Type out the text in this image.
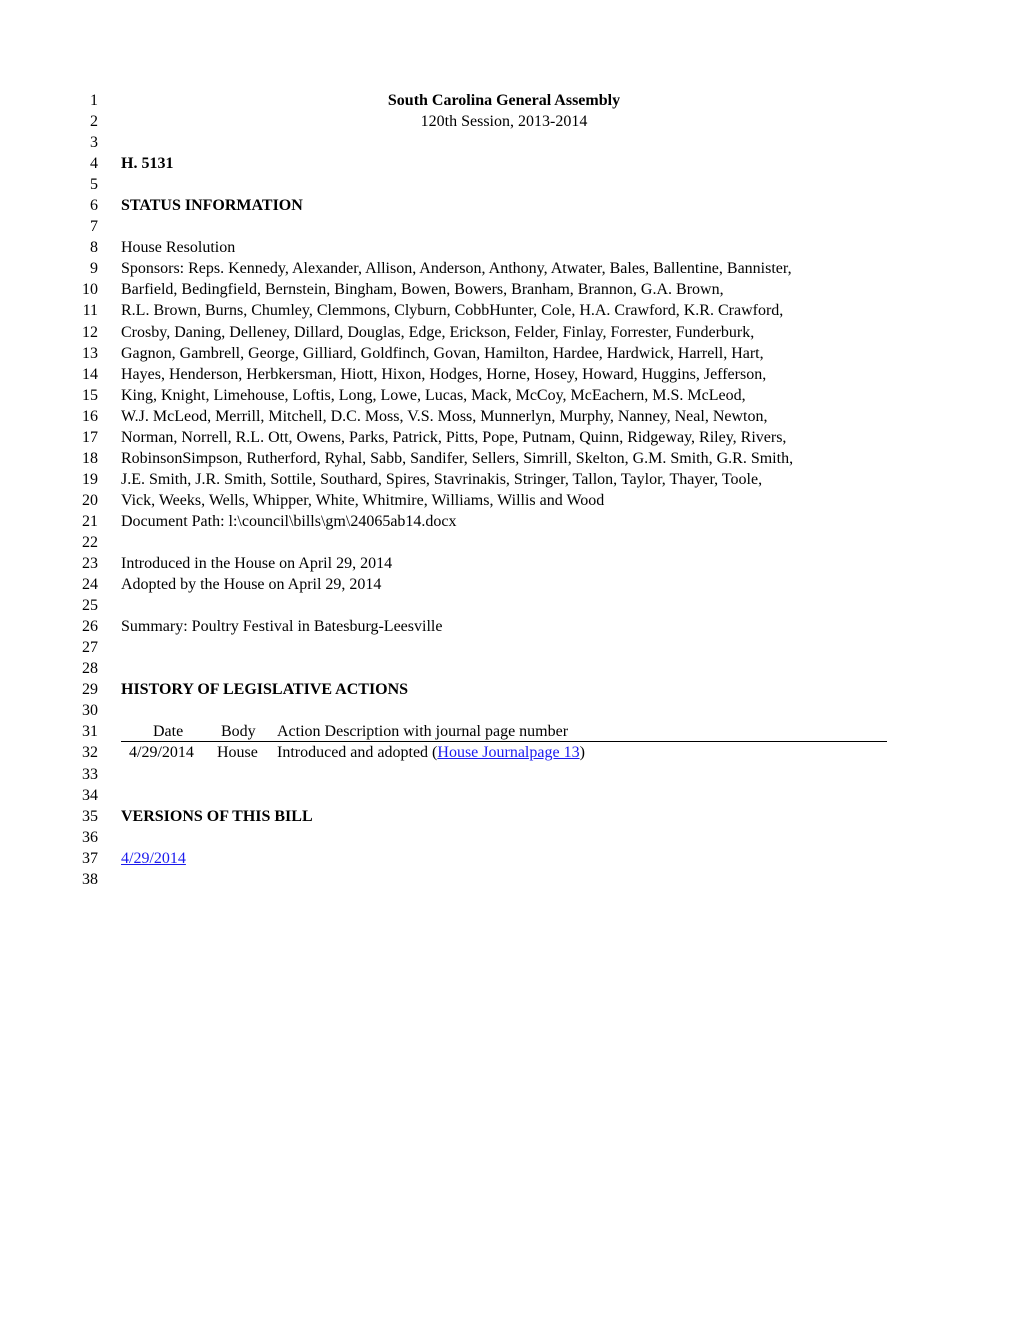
1	South Carolina General Assembly
2	120th Session, 2013-2014
3
4 H. 5131
5
6 STATUS INFORMATION
7
8 House Resolution
9 Sponsors: Reps. Kennedy, Alexander, Allison, Anderson, Anthony, Atwater, Bales, Ballentine, Bannister,
10 Barfield, Bedingfield, Bernstein, Bingham, Bowen, Bowers, Branham, Brannon, G.A. Brown,
11 R.L. Brown, Burns, Chumley, Clemmons, Clyburn, CobbHunter, Cole, H.A. Crawford, K.R. Crawford,
12 Crosby, Daning, Delleney, Dillard, Douglas, Edge, Erickson, Felder, Finlay, Forrester, Funderburk,
13 Gagnon, Gambrell, George, Gilliard, Goldfinch, Govan, Hamilton, Hardee, Hardwick, Harrell, Hart,
14 Hayes, Henderson, Herbkersman, Hiott, Hixon, Hodges, Horne, Hosey, Howard, Huggins, Jefferson,
15 King, Knight, Limehouse, Loftis, Long, Lowe, Lucas, Mack, McCoy, McEachern, M.S. McLeod,
16 W.J. McLeod, Merrill, Mitchell, D.C. Moss, V.S. Moss, Munnerlyn, Murphy, Nanney, Neal, Newton,
17 Norman, Norrell, R.L. Ott, Owens, Parks, Patrick, Pitts, Pope, Putnam, Quinn, Ridgeway, Riley, Rivers,
18 RobinsonSimpson, Rutherford, Ryhal, Sabb, Sandifer, Sellers, Simrill, Skelton, G.M. Smith, G.R. Smith,
19 J.E. Smith, J.R. Smith, Sottile, Southard, Spires, Stavrinakis, Stringer, Tallon, Taylor, Thayer, Toole,
20 Vick, Weeks, Wells, Whipper, White, Whitmire, Williams, Willis and Wood
21 Document Path: l:\council\bills\gm\24065ab14.docx
22
23 Introduced in the House on April 29, 2014
24 Adopted by the House on April 29, 2014
25
26 Summary: Poultry Festival in Batesburg-Leesville
27
28
29 HISTORY OF LEGISLATIVE ACTIONS
30
31	Date Body Action Description with journal page number
32 4/29/2014 House Introduced and adopted (House Journalpage 13)
33
34
35 VERSIONS OF THIS BILL
36
37 4/29/2014
38
